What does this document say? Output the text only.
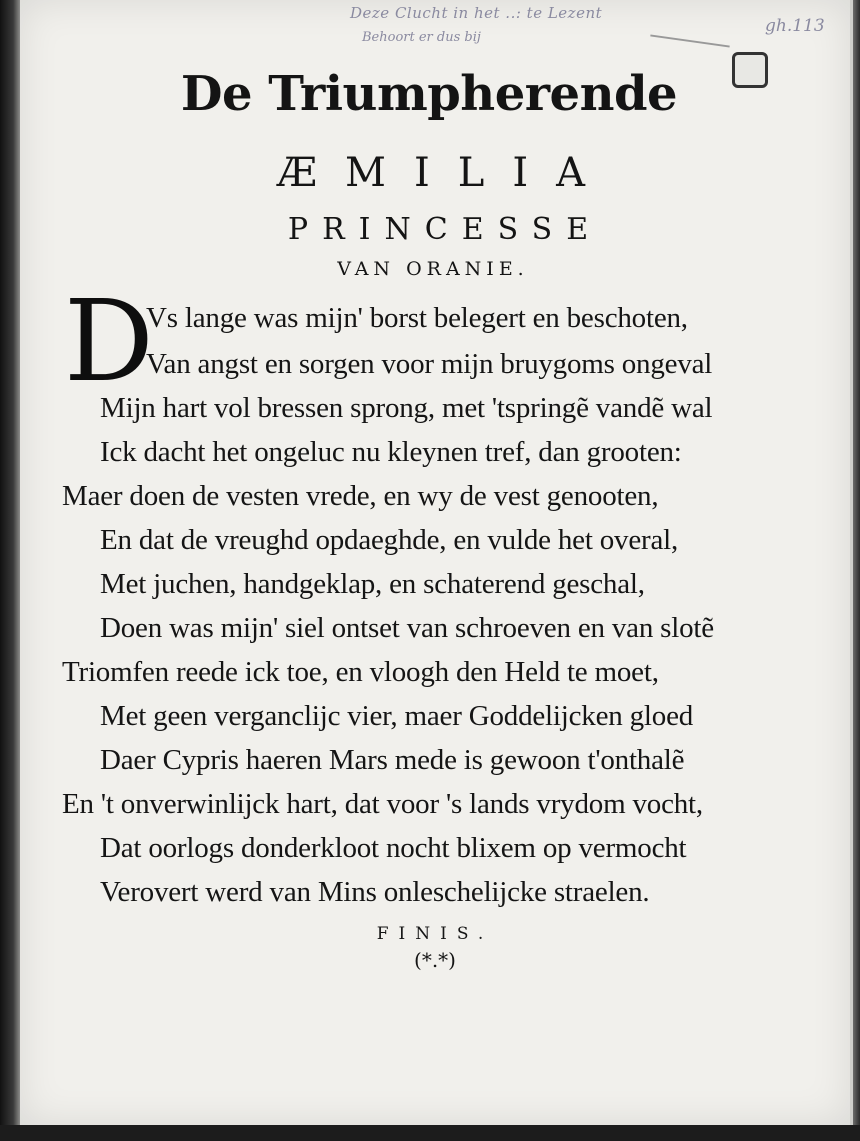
Deze Clucht in het ..: te Lezent
Behoort er dus bij
gh.113
De Triumpherende
ÆMILIA
PRINCESSE
VAN ORANIE.
D
Vs lange was mijn' borst belegert en beschoten,
Van angst en sorgen voor mijn bruygoms ongeval
Mijn hart vol bressen sprong, met 'tspringẽ vandẽ wal
Ick dacht het ongeluc nu kleynen tref, dan grooten:
Maer doen de vesten vrede, en wy de vest genooten,
En dat de vreughd opdaeghde, en vulde het overal,
Met juchen, handgeklap, en schaterend geschal,
Doen was mijn' siel ontset van schroeven en van slotẽ
Triomfen reede ick toe, en vloogh den Held te moet,
Met geen verganclijc vier, maer Goddelijcken gloed
Daer Cypris haeren Mars mede is gewoon t'onthalẽ
En 't onverwinlijck hart, dat voor 's lands vrydom vocht,
Dat oorlogs donderkloot nocht blixem op vermocht
Verovert werd van Mins onleschelijcke straelen.
FINIS.
(*.*)
